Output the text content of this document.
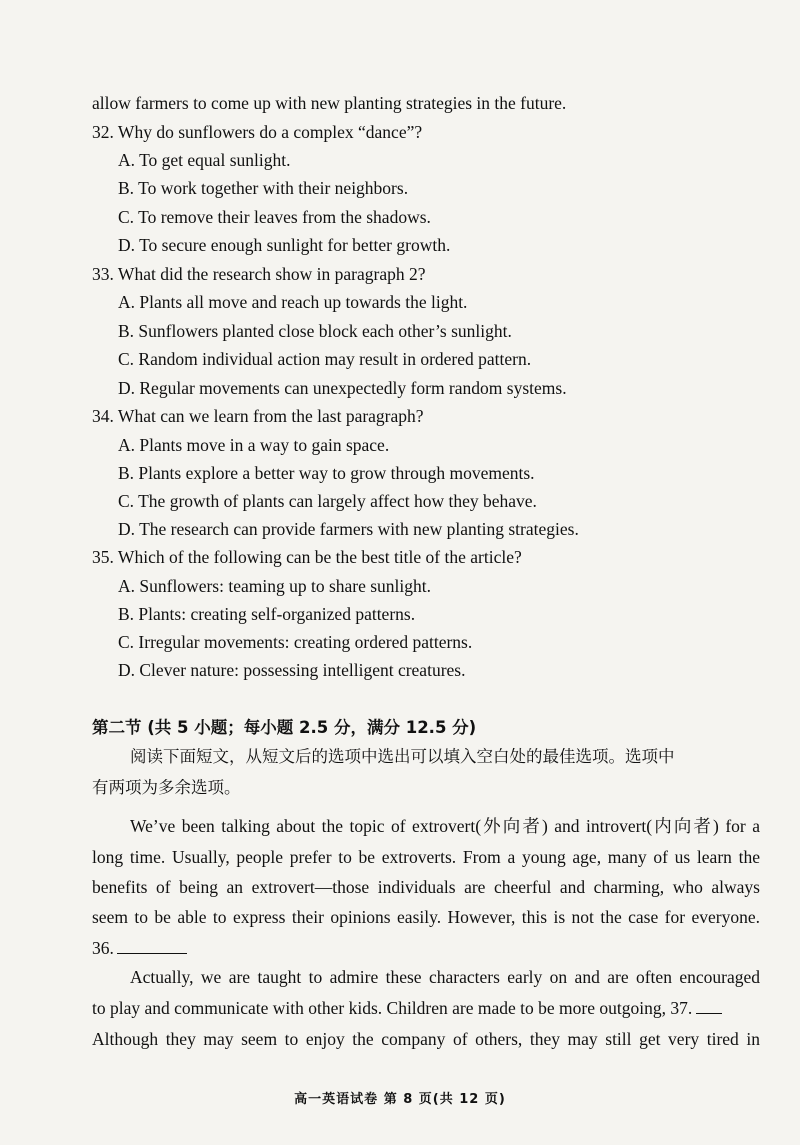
allow farmers to come up with new planting strategies in the future.
32. Why do sunflowers do a complex “dance”?
A. To get equal sunlight.
B. To work together with their neighbors.
C. To remove their leaves from the shadows.
D. To secure enough sunlight for better growth.
33. What did the research show in paragraph 2?
A. Plants all move and reach up towards the light.
B. Sunflowers planted close block each other’s sunlight.
C. Random individual action may result in ordered pattern.
D. Regular movements can unexpectedly form random systems.
34. What can we learn from the last paragraph?
A. Plants move in a way to gain space.
B. Plants explore a better way to grow through movements.
C. The growth of plants can largely affect how they behave.
D. The research can provide farmers with new planting strategies.
35. Which of the following can be the best title of the article?
A. Sunflowers: teaming up to share sunlight.
B. Plants: creating self-organized patterns.
C. Irregular movements: creating ordered patterns.
D. Clever nature: possessing intelligent creatures.
第二节 (共 5 小题；每小题 2.5 分，满分 12.5 分)
阅读下面短文，从短文后的选项中选出可以填入空白处的最佳选项。选项中
有两项为多余选项。
We’ve been talking about the topic of extrovert(外向者) and introvert(内向者) for a
long time. Usually, people prefer to be extroverts. From a young age, many of us learn the
benefits of being an extrovert—those individuals are cheerful and charming, who always
seem to be able to express their opinions easily. However, this is not the case for everyone.
36.
Actually, we are taught to admire these characters early on and are often encouraged
to play and communicate with other kids. Children are made to be more outgoing, 37.
Although they may seem to enjoy the company of others, they may still get very tired in
高一英语试卷 第 8 页(共 12 页)
